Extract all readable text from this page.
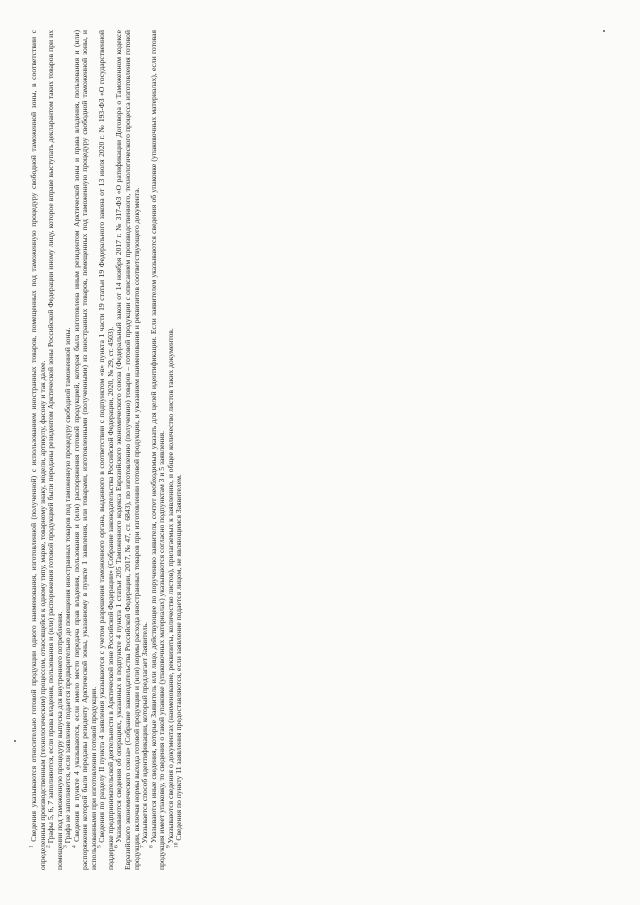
$^1$ Сведения указываются относительно готовой продукции одного наименования, изготовленной (полученной) с использованием иностранных товаров, помещенных под таможенную процедуру свободной таможенной зоны, в соответствии с определенным производственным (технологическим) процессом, относящейся к одному типу, марке, товарному знаку, модели, артикулу, фасону и так далее. $^2$ Графы 5, 6, 7 заполняются, если права владения, пользования и (или) распоряжения готовой продукцией были переданы резидентом Арктической зоны Российской Федерации иному лицу, которое вправе выступать декларантом таких товаров при их помещении под таможенную процедуру выпуска для внутреннего потребления. $^3$ Графа не заполняется, если заявление подается предварительно до помещения иностранных товаров под таможенную процедуру свободной таможенной зоны.

$^4$ Сведения в пункте 4 указываются, если имело место передача прав владения, пользования и (или) распоряжения готовой продукцией, которая была изготовлена иным резидентом Арктической зоны и права владения, пользования и (или) распоряжения которой были переданы резиденту Арктической зоны, указанному в пункте 1 заявления, или товарами, изготовленными (полученными) из иностранных товаров, помещенных под таможенную процедуру свободной таможенной зоны, и использованными при изготовлении готовой продукции. $^5$ Сведения по разделу II пункта 4 заявления указываются с учетом разрешения таможенного органа, выданного в соответствии с подпунктом «в» пункта 1 части 19 статьи 19 Федерального закона от 13 июля 2020 г. № 193-ФЗ «О государственной поддержке предпринимательской деятельности в Арктической зоне Российской Федерации» (Собрание законодательства Российской Федерации, 2020, № 29, ст. 4503). $^6$ Указываются сведения об операциях, указанных в подпункте 4 пункта 1 статьи 205 Таможенного кодекса Евразийского экономического союза (Федеральный закон от 14 ноября 2017 г. № 317-ФЗ «О ратификации Договора о Таможенном кодексе Евразийского экономического союза» (Собрание законодательства Российской Федерации, 2017, № 47, ст. 6843), по изготовлению (получению) товаров – готовой продукции с описанием производственного, технологического процесса изготовления готовой продукции, включая нормы выхода готовой продукции и (или) нормы расхода иностранных товаров при изготовлении готовой продукции, и указанием наименования и реквизитов соответствующего документа. $^7$ Указывается способ идентификации, который предлагает Заявитель.

$^8$ Указываются иные сведения, которые Заявитель или лицо, действующее по поручению заявителя, сочтет необходимым указать для целей идентификации. Если заявителем указываются сведения об упаковке (упаковочных материалах), если готовая продукция имеет упаковку, то сведения о такой упаковке (упаковочных материалах) указываются согласно подпунктам 3 и 5 заявления. $^9$ Указываются сведения о документах (наименование, реквизиты, количество листов), прилагаемых к заявлению, и общее количество листов таких документов.

$^{10}$ Сведения по пункту 11 заявления предоставляются, если заявление подается лицом, не являющимся Заявителем.
